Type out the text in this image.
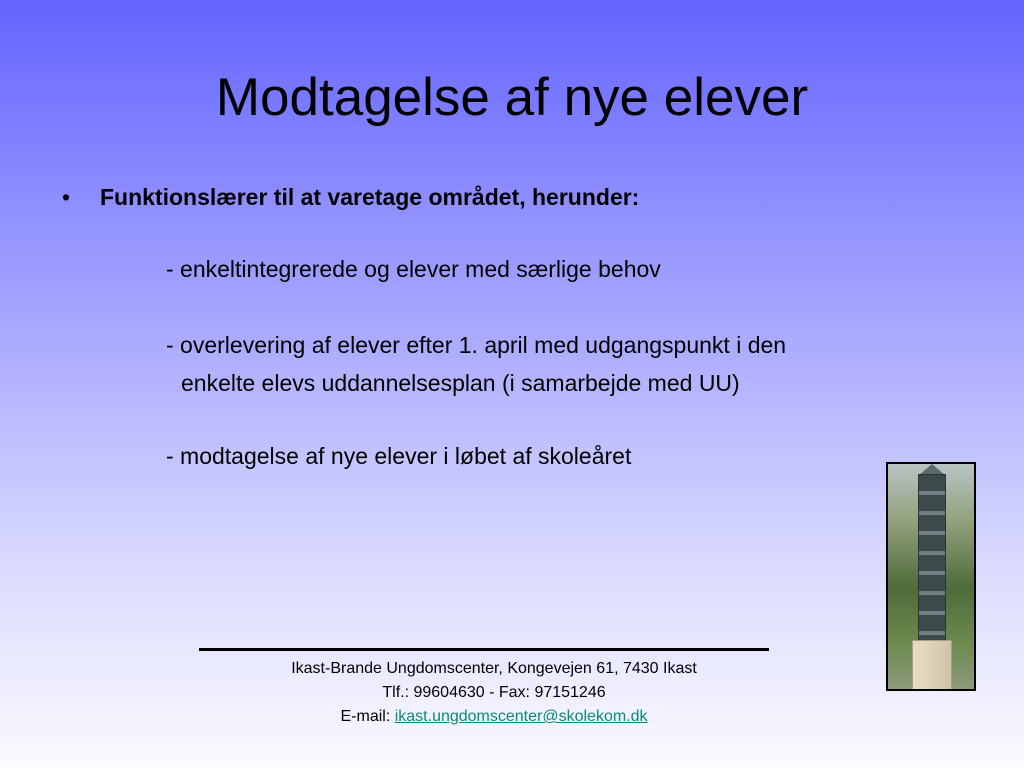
Modtagelse af nye elever
• Funktionslærer til at varetage området, herunder:
- enkeltintegrerede og elever med særlige behov
- overlevering af elever efter 1. april med udgangspunkt i den
enkelte elevs uddannelsesplan (i samarbejde med UU)
- modtagelse af nye elever i løbet af skoleåret
Ikast-Brande Ungdomscenter, Kongevejen 61, 7430 Ikast
Tlf.: 99604630 - Fax: 97151246
E-mail: ikast.ungdomscenter@skolekom.dk
